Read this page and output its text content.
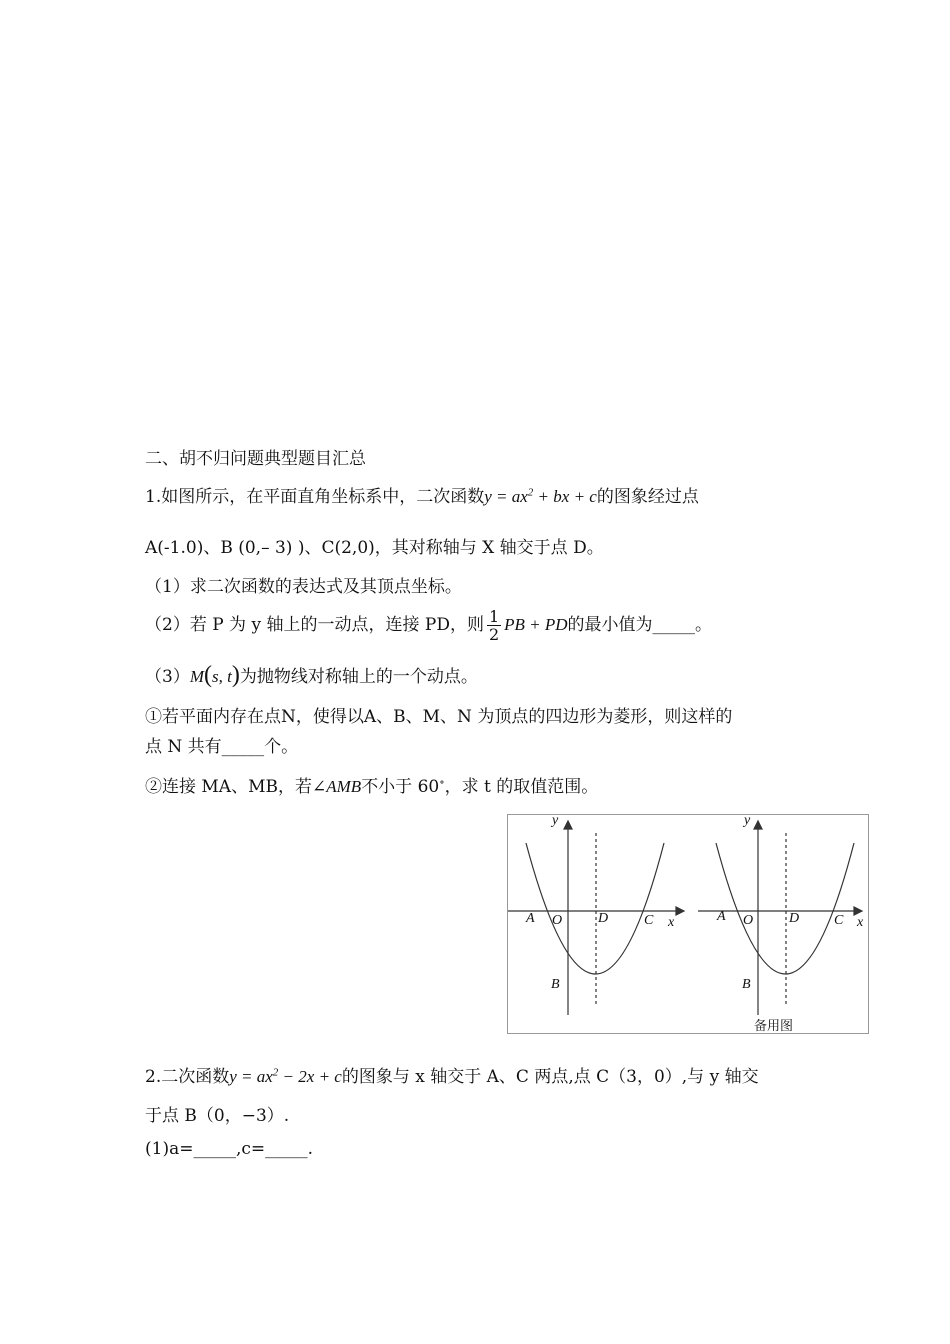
二、胡不归问题典型题目汇总
1.如图所示，在平面直角坐标系中，二次函数$y = ax^2$ + bx + c的图象经过点
A(-1.0)、B (0,– 3) )、C(2,0)，其对称轴与 X 轴交于点 D。
（1）求二次函数的表达式及其顶点坐标。
（2）若 P 为 y 轴上的一动点，连接 PD，则 $\frac{1}{2}$ PB + PD的最小值为_____。
（3）M(s, t)为抛物线对称轴上的一个动点。
①若平面内存在点N，使得以A、B、M、N 为顶点的四边形为菱形，则这样的
点 N 共有_____个。
②连接 MA、MB，若∠AMB不小于 60∘，求 t 的取值范围。
y
A O	D	C x
B
y
A O	D C x
B
备用图
2.二次函数$y = ax^2 - 2x + c$的图象与 x 轴交于 A、C 两点,点 C（3，0）,与 y 轴交
于点 B（0，−3）.
(1)a=_____,c=_____.
